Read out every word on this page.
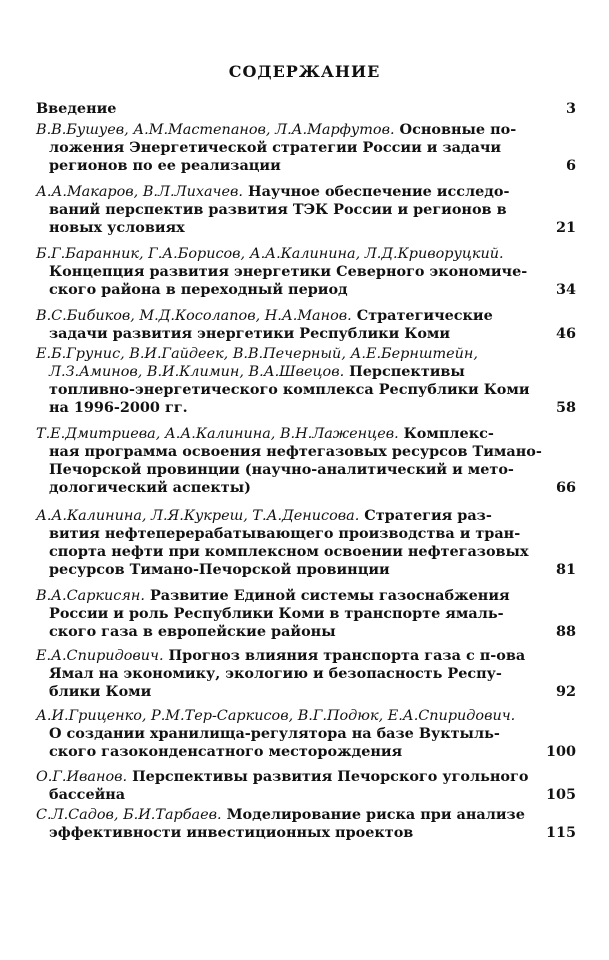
СОДЕРЖАНИЕ
Введение	3
В.В.Бушуев, А.М.Мастепанов, Л.А.Марфутов. Основные по-
ложения Энергетической стратегии России и задачи
регионов по ее реализации	6
А.А.Макаров, В.Л.Лихачев. Научное обеспечение исследо-
ваний перспектив развития ТЭК России и регионов в
новых условиях	21
Б.Г.Баранник, Г.А.Борисов, А.А.Калинина, Л.Д.Криворуцкий.
Концепция развития энергетики Северного экономиче-
ского района в переходный период	34
В.С.Бибиков, М.Д.Косолапов, Н.А.Манов. Стратегические
задачи развития энергетики Республики Коми	46
Е.Б.Грунис, В.И.Гайдеек, В.В.Печерный, А.Е.Бернштейн,
Л.З.Аминов, В.И.Климин, В.А.Швецов. Перспективы
топливно-энергетического комплекса Республики Коми
на 1996-2000 гг.	58
Т.Е.Дмитриева, А.А.Калинина, В.Н.Лаженцев. Комплекс-
ная программа освоения нефтегазовых ресурсов Тимано-
Печорской провинции (научно-аналитический и мето-
дологический аспекты)	66
А.А.Калинина, Л.Я.Кукреш, Т.А.Денисова. Стратегия раз-
вития нефтеперерабатывающего производства и тран-
спорта нефти при комплексном освоении нефтегазовых
ресурсов Тимано-Печорской провинции	81
В.А.Саркисян. Развитие Единой системы газоснабжения
России и роль Республики Коми в транспорте ямаль-
ского газа в европейские районы	88
Е.А.Спиридович. Прогноз влияния транспорта газа с п-ова
Ямал на экономику, экологию и безопасность Респу-
блики Коми	92
А.И.Гриценко, Р.М.Тер-Саркисов, В.Г.Подюк, Е.А.Спиридович.
О создании хранилища-регулятора на базе Вуктыль-
ского газоконденсатного месторождения	100
О.Г.Иванов. Перспективы развития Печорского угольного
бассейна	105
С.Л.Садов, Б.И.Тарбаев. Моделирование риска при анализе
эффективности инвестиционных проектов	115
